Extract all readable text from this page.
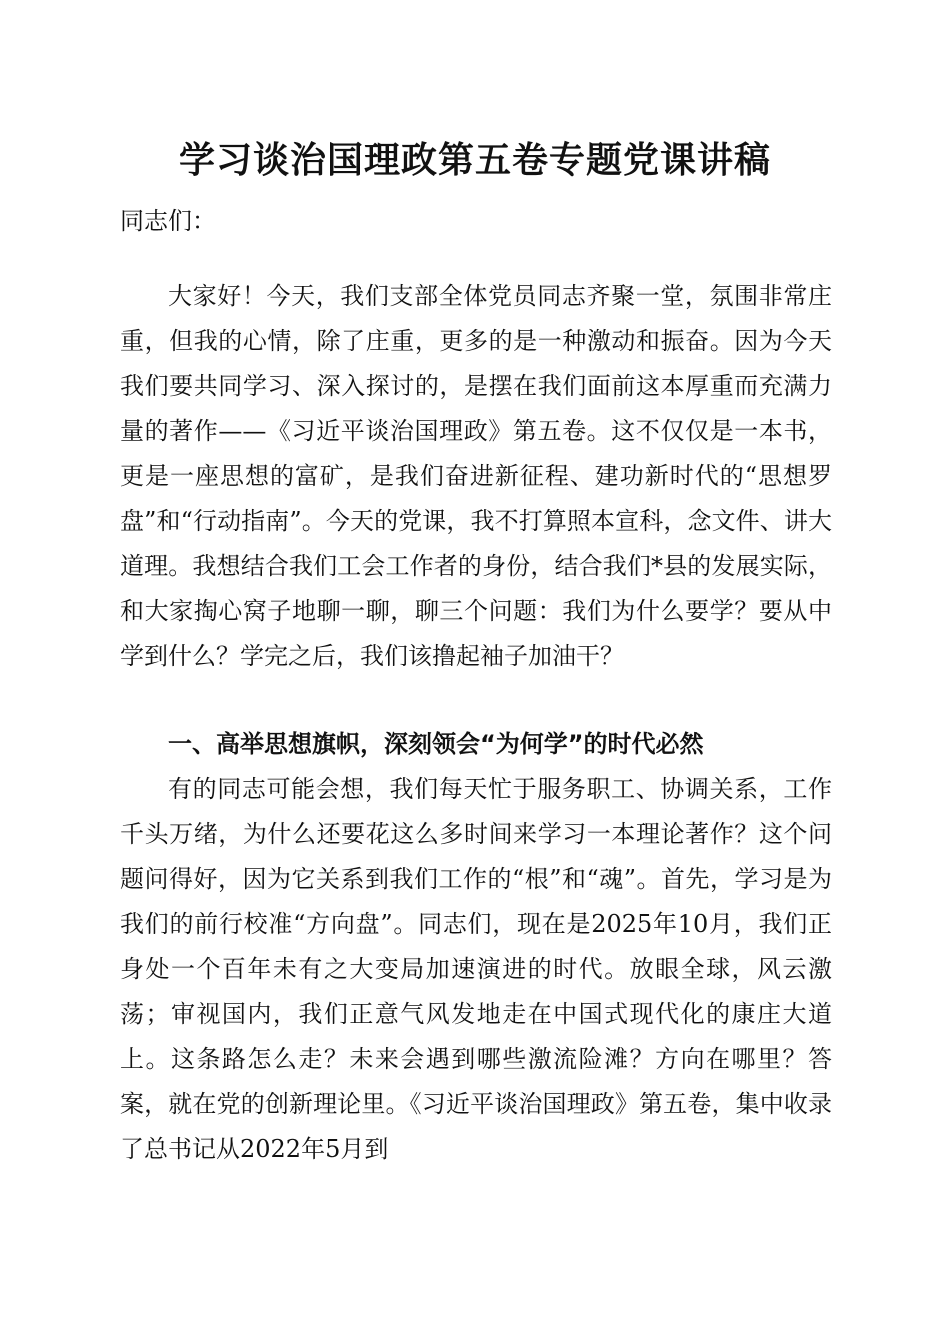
学习谈治国理政第五卷专题党课讲稿
同志们：

大家好！今天，我们支部全体党员同志齐聚一堂，氛围非常庄重，但我的心情，除了庄重，更多的是一种激动和振奋。因为今天我们要共同学习、深入探讨的，是摆在我们面前这本厚重而充满力量的著作——《习近平谈治国理政》第五卷。这不仅仅是一本书，更是一座思想的富矿，是我们奋进新征程、建功新时代的“思想罗盘”和“行动指南”。今天的党课，我不打算照本宣科，念文件、讲大道理。我想结合我们工会工作者的身份，结合我们*县的发展实际，和大家掏心窝子地聊一聊，聊三个问题：我们为什么要学？要从中学到什么？学完之后，我们该撸起袖子加油干？

一、高举思想旗帜，深刻领会“为何学”的时代必然

有的同志可能会想，我们每天忙于服务职工、协调关系，工作千头万绪，为什么还要花这么多时间来学习一本理论著作？这个问题问得好，因为它关系到我们工作的“根”和“魂”。首先，学习是为我们的前行校准“方向盘”。同志们，现在是2025年10月，我们正身处一个百年未有之大变局加速演进的时代。放眼全球，风云激荡；审视国内，我们正意气风发地走在中国式现代化的康庄大道上。这条路怎么走？未来会遇到哪些激流险滩？方向在哪里？答案，就在党的创新理论里。《习近平谈治国理政》第五卷，集中收录了总书记从2022年5月到
